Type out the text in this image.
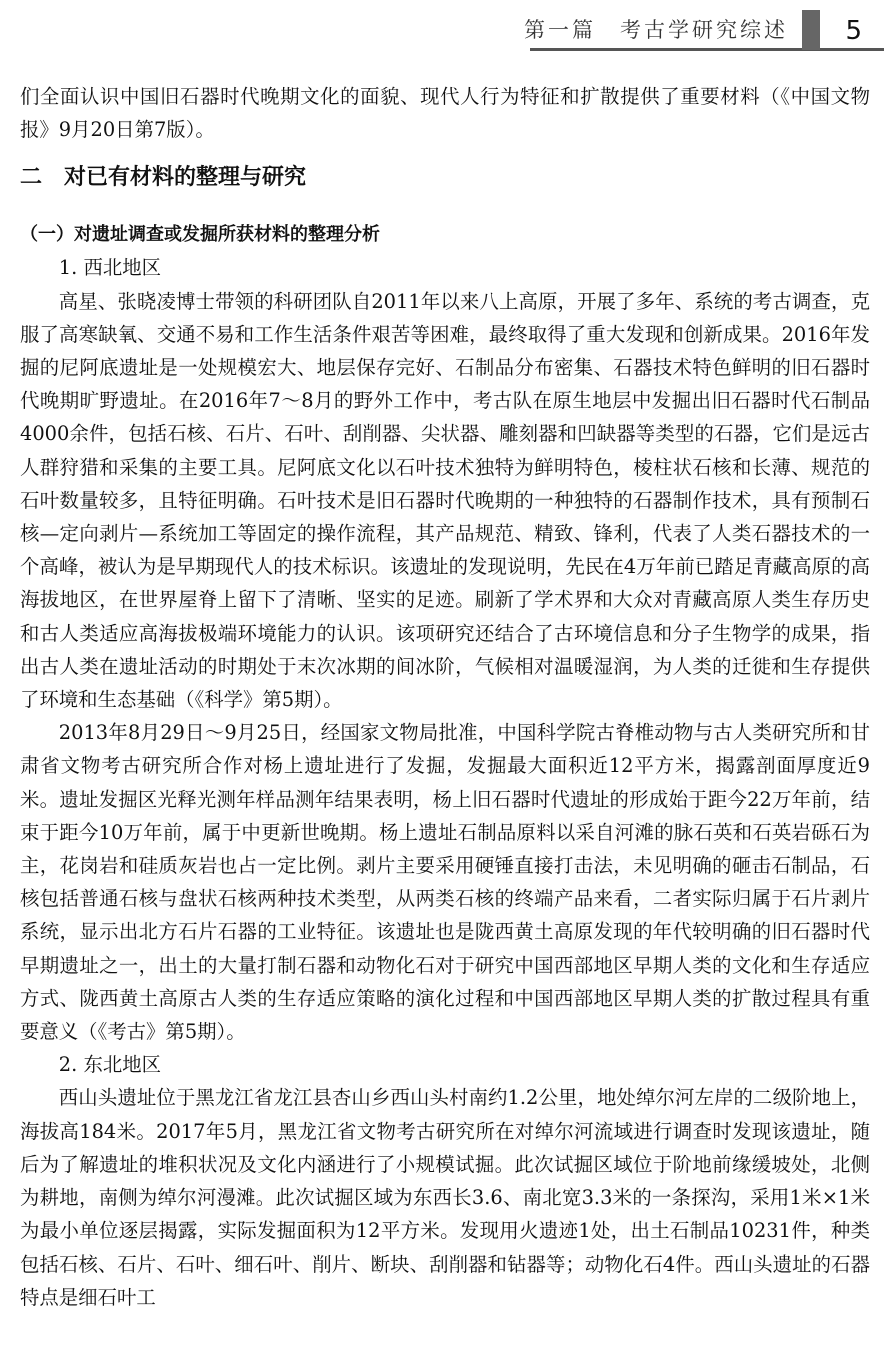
第一篇　考古学研究综述 5

们全面认识中国旧石器时代晚期文化的面貌、现代人行为特征和扩散提供了重要材料（《中国文物报》9月20日第7版）。

二　对已有材料的整理与研究
（一）对遗址调查或发掘所获材料的整理分析

1. 西北地区

高星、张晓凌博士带领的科研团队自2011年以来八上高原，开展了多年、系统的考古调查，克服了高寒缺氧、交通不易和工作生活条件艰苦等困难，最终取得了重大发现和创新成果。2016年发掘的尼阿底遗址是一处规模宏大、地层保存完好、石制品分布密集、石器技术特色鲜明的旧石器时代晚期旷野遗址。在2016年7～8月的野外工作中，考古队在原生地层中发掘出旧石器时代石制品4000余件，包括石核、石片、石叶、刮削器、尖状器、雕刻器和凹缺器等类型的石器，它们是远古人群狩猎和采集的主要工具。尼阿底文化以石叶技术独特为鲜明特色，棱柱状石核和长薄、规范的石叶数量较多，且特征明确。石叶技术是旧石器时代晚期的一种独特的石器制作技术，具有预制石核—定向剥片—系统加工等固定的操作流程，其产品规范、精致、锋利，代表了人类石器技术的一个高峰，被认为是早期现代人的技术标识。该遗址的发现说明，先民在4万年前已踏足青藏高原的高海拔地区，在世界屋脊上留下了清晰、坚实的足迹。刷新了学术界和大众对青藏高原人类生存历史和古人类适应高海拔极端环境能力的认识。该项研究还结合了古环境信息和分子生物学的成果，指出古人类在遗址活动的时期处于末次冰期的间冰阶，气候相对温暖湿润，为人类的迁徙和生存提供了环境和生态基础（《科学》第5期）。

2013年8月29日～9月25日，经国家文物局批准，中国科学院古脊椎动物与古人类研究所和甘肃省文物考古研究所合作对杨上遗址进行了发掘，发掘最大面积近12平方米，揭露剖面厚度近9米。遗址发掘区光释光测年样品测年结果表明，杨上旧石器时代遗址的形成始于距今22万年前，结束于距今10万年前，属于中更新世晚期。杨上遗址石制品原料以采自河滩的脉石英和石英岩砾石为主，花岗岩和硅质灰岩也占一定比例。剥片主要采用硬锤直接打击法，未见明确的砸击石制品，石核包括普通石核与盘状石核两种技术类型，从两类石核的终端产品来看，二者实际归属于石片剥片系统，显示出北方石片石器的工业特征。该遗址也是陇西黄土高原发现的年代较明确的旧石器时代早期遗址之一，出土的大量打制石器和动物化石对于研究中国西部地区早期人类的文化和生存适应方式、陇西黄土高原古人类的生存适应策略的演化过程和中国西部地区早期人类的扩散过程具有重要意义（《考古》第5期）。

2. 东北地区

西山头遗址位于黑龙江省龙江县杏山乡西山头村南约1.2公里，地处绰尔河左岸的二级阶地上，海拔高184米。2017年5月，黑龙江省文物考古研究所在对绰尔河流域进行调查时发现该遗址，随后为了解遗址的堆积状况及文化内涵进行了小规模试掘。此次试掘区域位于阶地前缘缓坡处，北侧为耕地，南侧为绰尔河漫滩。此次试掘区域为东西长3.6、南北宽3.3米的一条探沟，采用1米×1米为最小单位逐层揭露，实际发掘面积为12平方米。发现用火遗迹1处，出土石制品10231件，种类包括石核、石片、石叶、细石叶、削片、断块、刮削器和钻器等；动物化石4件。西山头遗址的石器特点是细石叶工
